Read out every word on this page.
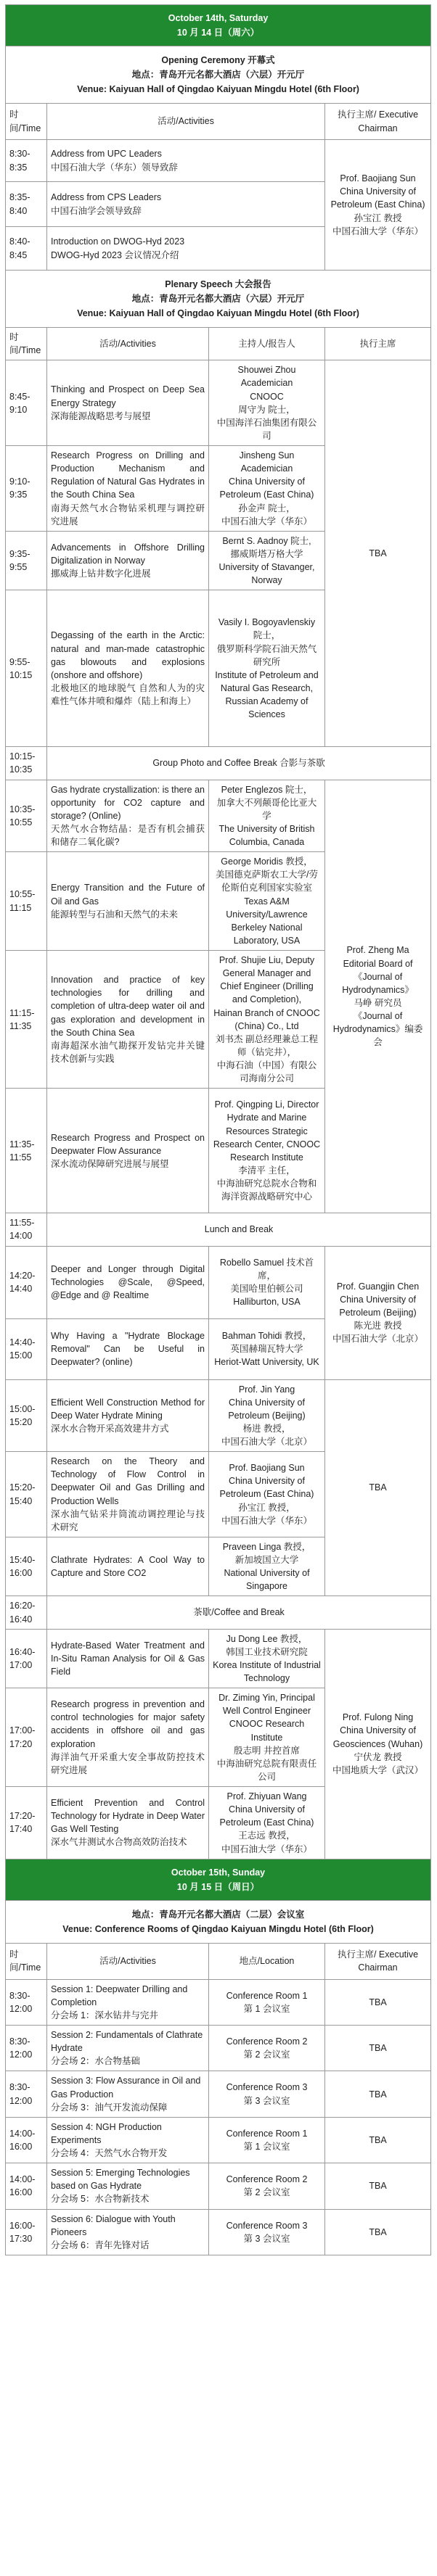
October 14th, Saturday
10 月 14 日（周六）			

Opening Ceremony 开幕式
地点：青岛开元名都大酒店（六层）开元厅
Venue: Kaiyuan Hall of Qingdao Kaiyuan Mingdu Hotel (6th Floor)			

时间/Time	活动/Activities		执行主席/ Executive Chairman
8:30-8:35	Address from UPC Leaders
中国石油大学（华东）领导致辞		Prof. Baojiang Sun
China University of Petroleum (East China)
孙宝江 教授
中国石油大学（华东）
8:35-8:40	Address from CPS Leaders
中国石油学会领导致辞		
8:40-8:45	Introduction on DWOG-Hyd 2023
DWOG-Hyd 2023 会议情况介绍		

Plenary Speech 大会报告
地点：青岛开元名都大酒店（六层）开元厅
Venue: Kaiyuan Hall of Qingdao Kaiyuan Mingdu Hotel (6th Floor)			

时间/Time	活动/Activities	主持人/报告人	执行主席
8:45-9:10	Thinking and Prospect on Deep Sea Energy Strategy
深海能源战略思考与展望	Shouwei Zhou
Academician
CNOOC
周守为 院士，
中国海洋石油集团有限公司	TBA
9:10-9:35	Research Progress on Drilling and Production Mechanism and Regulation of Natural Gas Hydrates in the South China Sea
南海天然气水合物钻采机理与调控研究进展	Jinsheng Sun
Academician
China University of Petroleum (East China)
孙金声 院士，
中国石油大学（华东）	
9:35-9:55	Advancements in Offshore Drilling Digitalization in Norway
挪威海上钻井数字化进展	Bernt S. Aadnoy 院士,
挪威斯塔万格大学
University of Stavanger, Norway	
9:55-10:15	Degassing of the earth in the Arctic: natural and man-made catastrophic gas blowouts and explosions (onshore and offshore)
北极地区的地球脱气 自然和人为的灾难性气体井喷和爆炸（陆上和海上）	Vasily I. Bogoyavlenskiy
院士，
俄罗斯科学院石油天然气研究所
Institute of Petroleum and Natural Gas Research, Russian Academy of Sciences	
10:15-10:35	Group Photo and Coffee Break 合影与茶歇		
10:35-10:55	Gas hydrate crystallization: is there an opportunity for CO2 capture and storage? (Online)
天然气水合物结晶：是否有机会捕获和储存二氧化碳?	Peter Englezos 院士，
加拿大不列颠哥伦比亚大学
The University of British Columbia, Canada	Prof. Zheng Ma
Editorial Board of《Journal of Hydrodynamics》
马峥 研究员
《Journal of Hydrodynamics》编委会
10:55-11:15	Energy Transition and the Future of Oil and Gas
能源转型与石油和天然气的未来	George Moridis 教授，
美国德克萨斯农工大学/劳伦斯伯克利国家实验室
Texas A&M University/Lawrence Berkeley National Laboratory, USA	
11:15-11:35	Innovation and practice of key technologies for drilling and completion of ultra-deep water oil and gas exploration and development in the South China Sea
南海超深水油气勘探开发钻完井关键技术创新与实践	Prof. Shujie Liu, Deputy General Manager and Chief Engineer (Drilling and Completion),
Hainan Branch of CNOOC (China) Co., Ltd
刘书杰 副总经理兼总工程师（钻完井），
中海石油（中国）有限公司海南分公司	
11:35-11:55	Research Progress and Prospect on Deepwater Flow Assurance
深水流动保障研究进展与展望	Prof. Qingping Li, Director Hydrate and Marine Resources Strategic Research Center, CNOOC Research Institute
李清平 主任，
中海油研究总院水合物和海洋资源战略研究中心	
11:55-14:00	Lunch and Break		
14:20-14:40	Deeper and Longer through Digital Technologies @Scale, @Speed, @Edge and @ Realtime	Robello Samuel 技术首席，
美国哈里伯顿公司
Halliburton, USA	Prof. Guangjin Chen
China University of Petroleum (Beijing)
陈光进 教授
中国石油大学（北京）
14:40-15:00	Why Having a "Hydrate Blockage Removal" Can be Useful in Deepwater? (online)	Bahman Tohidi 教授，
英国赫瑞瓦特大学
Heriot-Watt University, UK	
15:00-15:20	Efficient Well Construction Method for Deep Water Hydrate Mining
深水水合物开采高效建井方式	Prof. Jin Yang
China University of Petroleum (Beijing)
杨进 教授，
中国石油大学（北京）	TBA
15:20-15:40	Research on the Theory and Technology of Flow Control in Deepwater Oil and Gas Drilling and Production Wells
深水油气钻采井筒流动调控理论与技术研究	Prof. Baojiang Sun
China University of Petroleum (East China)
孙宝江 教授，
中国石油大学（华东）	
15:40-16:00	Clathrate Hydrates: A Cool Way to Capture and Store CO2	Praveen Linga 教授，
新加坡国立大学
National University of Singapore	
16:20-16:40	茶歇/Coffee and Break		
16:40-17:00	Hydrate-Based Water Treatment and In-Situ Raman Analysis for Oil & Gas Field	Ju Dong Lee 教授，
韩国工业技术研究院
Korea Institute of Industrial Technology	Prof. Fulong Ning
China University of Geosciences (Wuhan)
宁伏龙 教授
中国地质大学（武汉）
17:00-17:20	Research progress in prevention and control technologies for major safety accidents in offshore oil and gas exploration
海洋油气开采重大安全事故防控技术研究进展	Dr. Ziming Yin, Principal Well Control Engineer CNOOC Research Institute
殷志明 井控首席
中海油研究总院有限责任公司	
17:20-17:40	Efficient Prevention and Control Technology for Hydrate in Deep Water Gas Well Testing
深水气井测试水合物高效防治技术	Prof. Zhiyuan Wang
China University of Petroleum (East China)
王志远 教授，
中国石油大学（华东）	

October 15th, Sunday
10 月 15 日（周日）			

地点：青岛开元名都大酒店（二层）会议室
Venue: Conference Rooms of Qingdao Kaiyuan Mingdu Hotel (6th Floor)			

时间/Time	活动/Activities	地点/Location	执行主席/ Executive Chairman
8:30-12:00	Session 1: Deepwater Drilling and Completion
分会场 1：深水钻井与完井	Conference Room 1
第 1 会议室	TBA
8:30-12:00	Session 2: Fundamentals of Clathrate Hydrate
分会场 2：水合物基础	Conference Room 2
第 2 会议室	TBA
8:30-12:00	Session 3: Flow Assurance in Oil and Gas Production
分会场 3：油气开发流动保障	Conference Room 3
第 3 会议室	TBA
14:00-16:00	Session 4: NGH Production Experiments
分会场 4：天然气水合物开发	Conference Room 1
第 1 会议室	TBA
14:00-16:00	Session 5: Emerging Technologies based on Gas Hydrate
分会场 5：水合物新技术	Conference Room 2
第 2 会议室	TBA
16:00-17:30	Session 6: Dialogue with Youth Pioneers
分会场 6：青年先锋对话	Conference Room 3
第 3 会议室	TBA
